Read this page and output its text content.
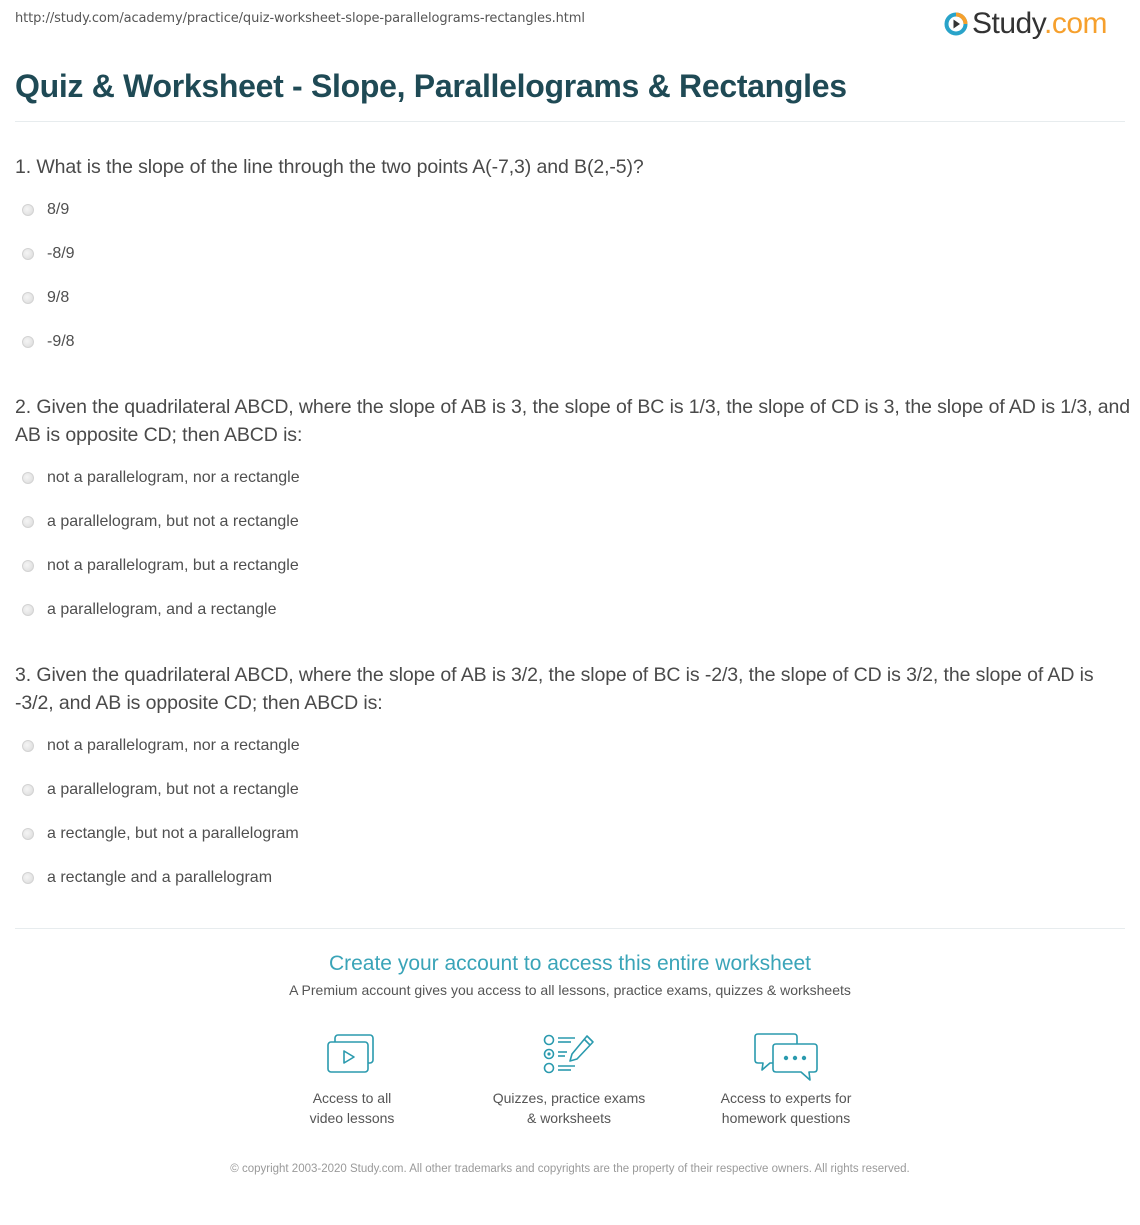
http://study.com/academy/practice/quiz-worksheet-slope-parallelograms-rectangles.html	Study.com
Quiz & Worksheet - Slope, Parallelograms & Rectangles
1. What is the slope of the line through the two points A(-7,3) and B(2,-5)?
8/9
-8/9
9/8
-9/8
2. Given the quadrilateral ABCD, where the slope of AB is 3, the slope of BC is 1/3, the slope of CD is 3, the slope of AD is 1/3, and AB is opposite CD; then ABCD is:
not a parallelogram, nor a rectangle
a parallelogram, but not a rectangle
not a parallelogram, but a rectangle
a parallelogram, and a rectangle
3. Given the quadrilateral ABCD, where the slope of AB is 3/2, the slope of BC is -2/3, the slope of CD is 3/2, the slope of AD is -3/2, and AB is opposite CD; then ABCD is:
not a parallelogram, nor a rectangle
a parallelogram, but not a rectangle
a rectangle, but not a parallelogram
a rectangle and a parallelogram
Create your account to access this entire worksheet
A Premium account gives you access to all lessons, practice exams, quizzes & worksheets
Access to all
video lessons
Quizzes, practice exams
& worksheets
Access to experts for
homework questions
© copyright 2003-2020 Study.com. All other trademarks and copyrights are the property of their respective owners. All rights reserved.
